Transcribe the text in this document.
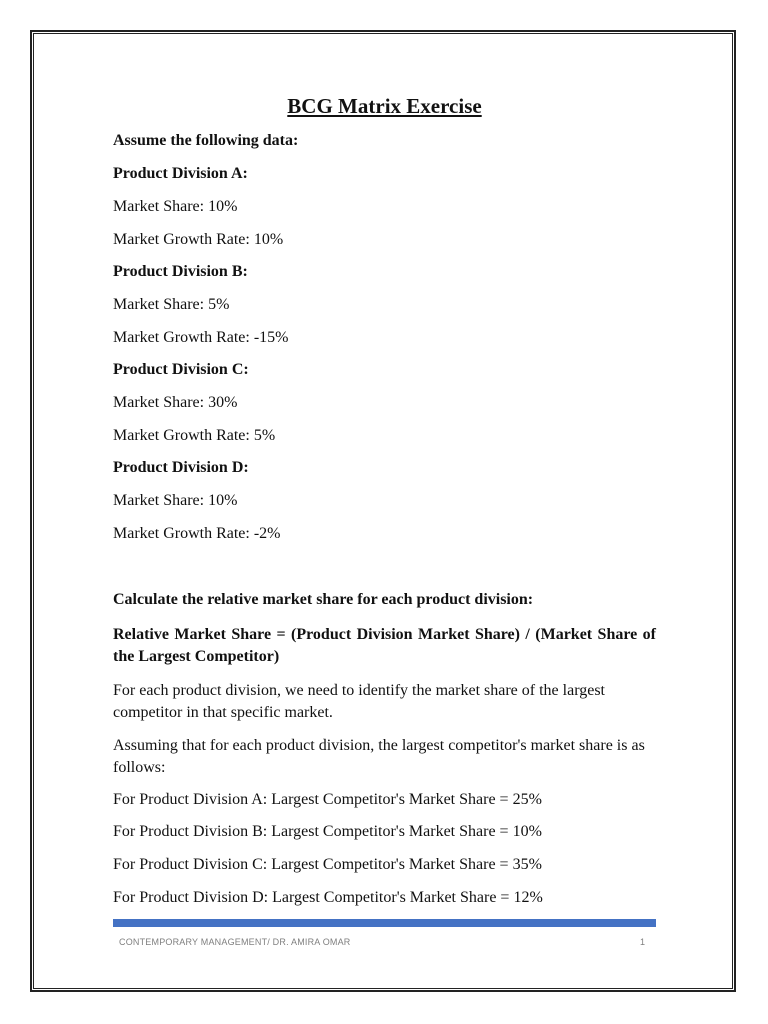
BCG Matrix Exercise
Assume the following data:
Product Division A:
Market Share: 10%
Market Growth Rate: 10%
Product Division B:
Market Share: 5%
Market Growth Rate: -15%
Product Division C:
Market Share: 30%
Market Growth Rate: 5%
Product Division D:
Market Share: 10%
Market Growth Rate: -2%
Calculate the relative market share for each product division:
Relative Market Share = (Product Division Market Share) / (Market Share of the Largest Competitor)
For each product division, we need to identify the market share of the largest competitor in that specific market.
Assuming that for each product division, the largest competitor's market share is as follows:
For Product Division A: Largest Competitor's Market Share = 25%
For Product Division B: Largest Competitor's Market Share = 10%
For Product Division C: Largest Competitor's Market Share = 35%
For Product Division D: Largest Competitor's Market Share = 12%
CONTEMPORARY MANAGEMENT/ DR. AMIRA OMAR	1
